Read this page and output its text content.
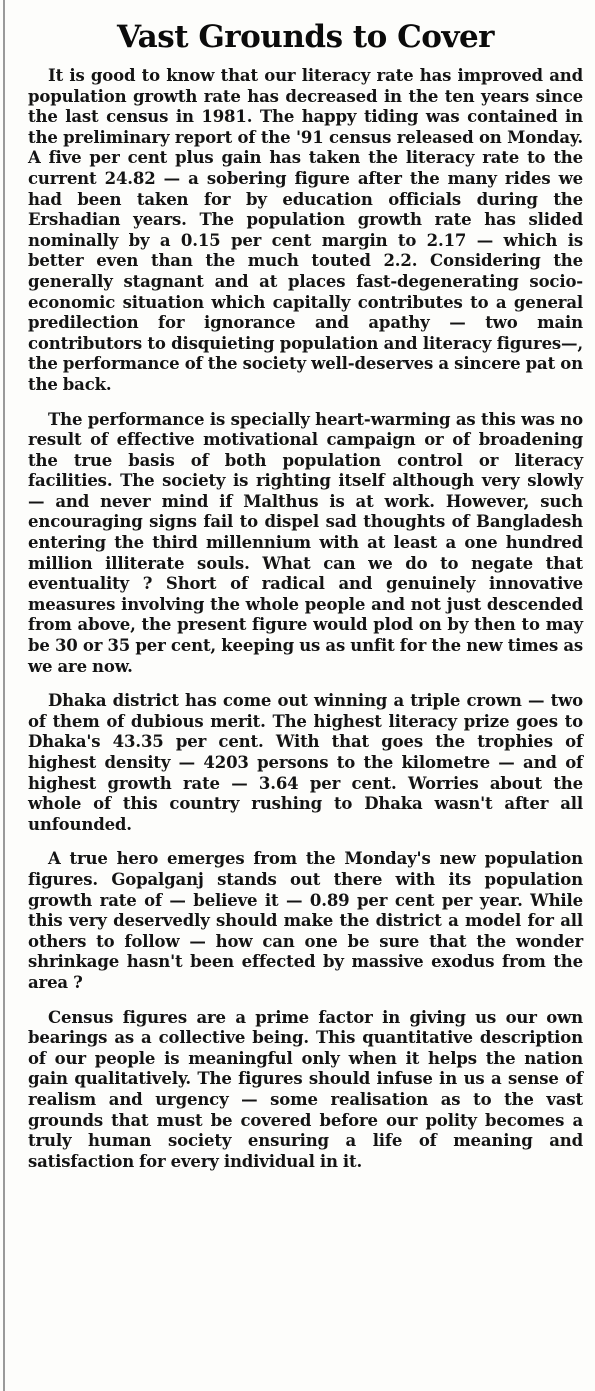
Vast Grounds to Cover

It is good to know that our literacy rate has improved and population growth rate has decreased in the ten years since the last census in 1981. The happy tiding was contained in the preliminary report of the '91 census released on Monday. A five per cent plus gain has taken the literacy rate to the current 24.82 — a sobering figure after the many rides we had been taken for by education officials during the Ershadian years. The population growth rate has slided nominally by a 0.15 per cent margin to 2.17 — which is better even than the much touted 2.2. Considering the generally stagnant and at places fast-degenerating socio-economic situation which capitally contributes to a general predilection for ignorance and apathy — two main contributors to disquieting population and literacy figures—, the performance of the society well-deserves a sincere pat on the back.

The performance is specially heart-warming as this was no result of effective motivational campaign or of broadening the true basis of both population control or literacy facilities. The society is righting itself although very slowly — and never mind if Malthus is at work. However, such encouraging signs fail to dispel sad thoughts of Bangladesh entering the third millennium with at least a one hundred million illiterate souls. What can we do to negate that eventuality ? Short of radical and genuinely innovative measures involving the whole people and not just descended from above, the present figure would plod on by then to may be 30 or 35 per cent, keeping us as unfit for the new times as we are now.

Dhaka district has come out winning a triple crown — two of them of dubious merit. The highest literacy prize goes to Dhaka's 43.35 per cent. With that goes the trophies of highest density — 4203 persons to the kilometre — and of highest growth rate — 3.64 per cent. Worries about the whole of this country rushing to Dhaka wasn't after all unfounded.

A true hero emerges from the Monday's new population figures. Gopalganj stands out there with its population growth rate of — believe it — 0.89 per cent per year. While this very deservedly should make the district a model for all others to follow — how can one be sure that the wonder shrinkage hasn't been effected by massive exodus from the area ?

Census figures are a prime factor in giving us our own bearings as a collective being. This quantitative description of our people is meaningful only when it helps the nation gain qualitatively. The figures should infuse in us a sense of realism and urgency — some realisation as to the vast grounds that must be covered before our polity becomes a truly human society ensuring a life of meaning and satisfaction for every individual in it.
